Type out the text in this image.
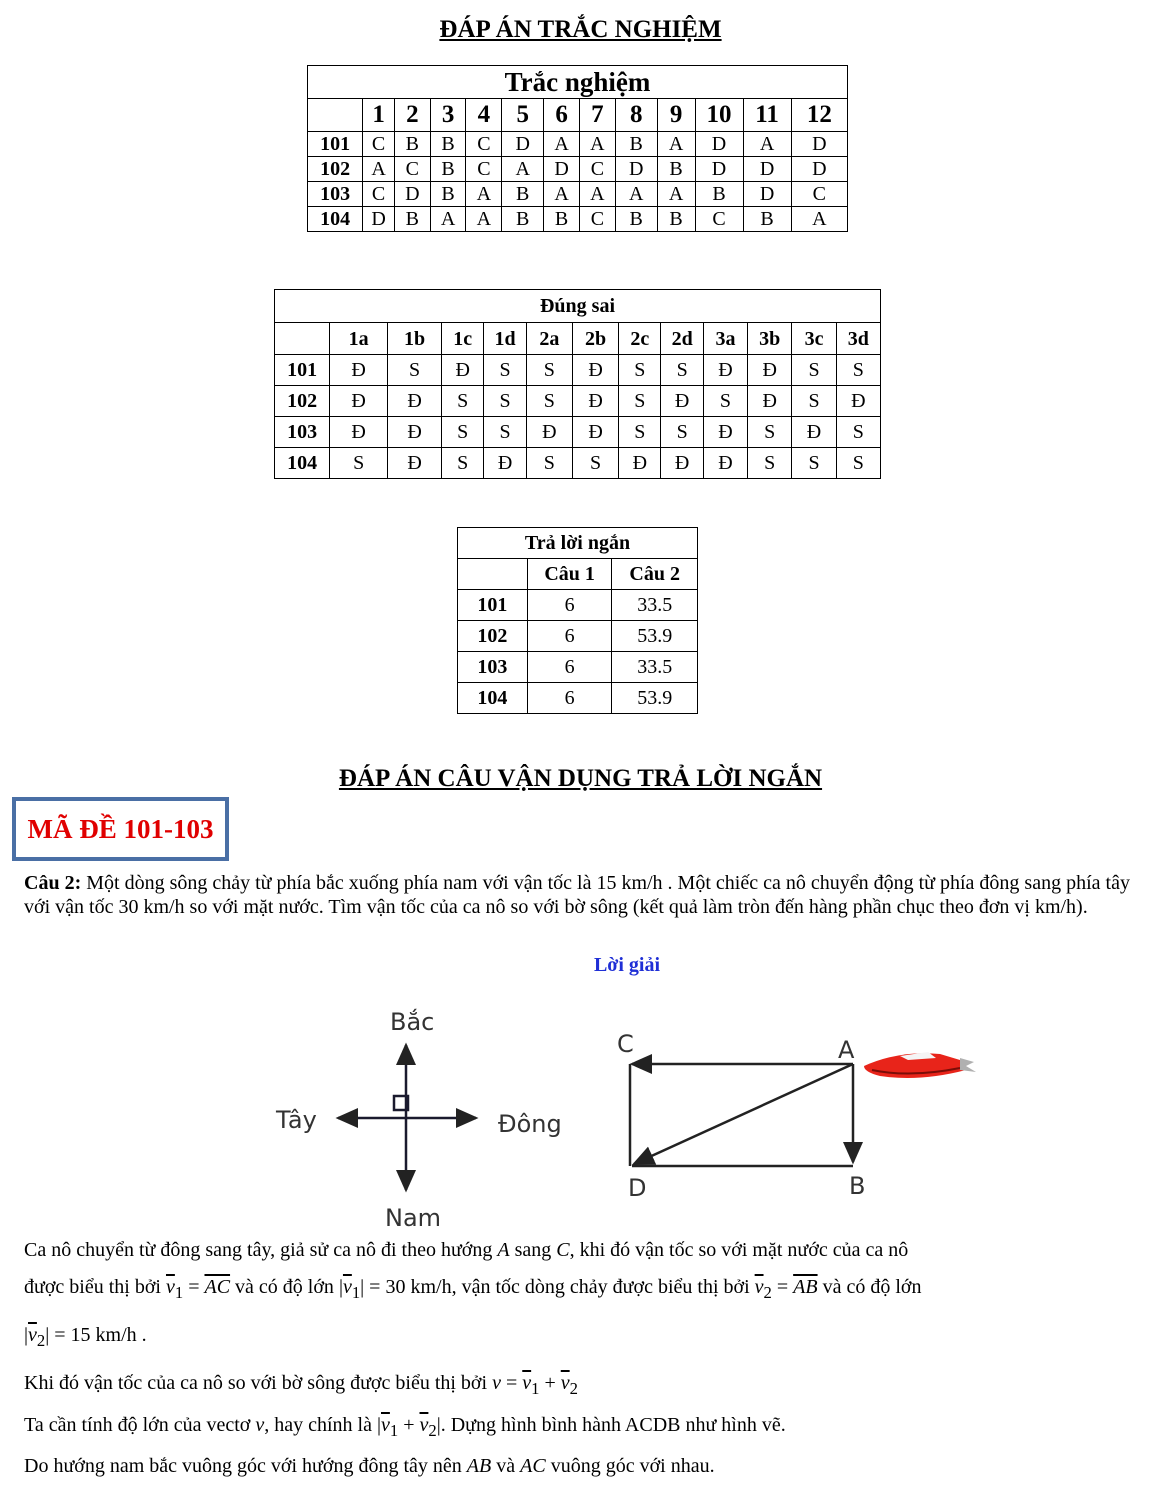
ĐÁP ÁN TRẮC NGHIỆM
Trắc nghiệm												
	1	2	3	4	5	6	7	8	9	10	11	12
101	C	B	B	C	D	A	A	B	A	D	A	D
102	A	C	B	C	A	D	C	D	B	D	D	D
103	C	D	B	A	B	A	A	A	A	B	D	C
104	D	B	A	A	B	B	C	B	B	C	B	A
Đúng sai												
	1a	1b	1c	1d	2a	2b	2c	2d	3a	3b	3c	3d
101	Đ	S	Đ	S	S	Đ	S	S	Đ	Đ	S	S
102	Đ	Đ	S	S	S	Đ	S	Đ	S	Đ	S	Đ
103	Đ	Đ	S	S	Đ	Đ	S	S	Đ	S	Đ	S
104	S	Đ	S	Đ	S	S	Đ	Đ	Đ	S	S	S
Trả lời ngắn		
	Câu 1	Câu 2
101	6	33.5
102	6	53.9
103	6	33.5
104	6	53.9
ĐÁP ÁN CÂU VẬN DỤNG TRẢ LỜI NGẮN
MÃ ĐỀ 101-103
Câu 2: Một dòng sông chảy từ phía bắc xuống phía nam với vận tốc là 15 km/h . Một chiếc ca nô chuyển động từ phía đông sang phía tây với vận tốc 30 km/h so với mặt nước. Tìm vận tốc của ca nô so với bờ sông (kết quả làm tròn đến hàng phần chục theo đơn vị km/h).
Lời giải
Bắc
Nam
Tây	Đông
C	A
D	B
Ca nô chuyển từ đông sang tây, giả sử ca nô đi theo hướng A sang C, khi đó vận tốc so với mặt nước của ca nô
được biểu thị bởi $\overline{v}_1 = \overline{AC}$ và có độ lớn $|\overline{v}_1| = 30$ km/h, vận tốc dòng chảy được biểu thị bởi $\overline{v}_2 = \overline{AB}$ và có độ lớn
$|\overline{v}_2| = 15$ km/h .
Khi đó vận tốc của ca nô so với bờ sông được biểu thị bởi $v = \overline{v}_1 + \overline{v}_2$
Ta cần tính độ lớn của vectơ v, hay chính là $|\overline{v}_1 + \overline{v}_2|$. Dựng hình bình hành ACDB như hình vẽ.
Do hướng nam bắc vuông góc với hướng đông tây nên AB và AC vuông góc với nhau.
